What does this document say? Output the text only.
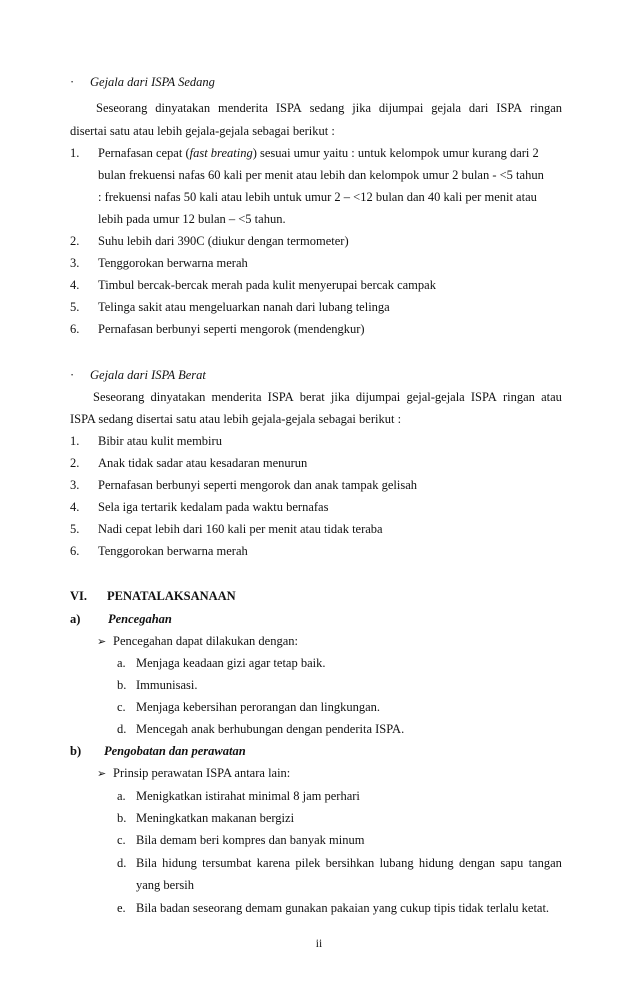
· Gejala dari ISPA Sedang
Seseorang dinyatakan menderita ISPA sedang jika dijumpai gejala dari ISPA ringan
disertai satu atau lebih gejala-gejala sebagai berikut :
1. Pernafasan cepat (fast breating) sesuai umur yaitu : untuk kelompok umur kurang dari 2
bulan frekuensi nafas 60 kali per menit atau lebih dan kelompok umur 2 bulan - <5 tahun
: frekuensi nafas 50 kali atau lebih untuk umur 2 – <12 bulan dan 40 kali per menit atau
lebih pada umur 12 bulan – <5 tahun.
2. Suhu lebih dari 390C (diukur dengan termometer)
3. Tenggorokan berwarna merah
4. Timbul bercak-bercak merah pada kulit menyerupai bercak campak
5. Telinga sakit atau mengeluarkan nanah dari lubang telinga
6. Pernafasan berbunyi seperti mengorok (mendengkur)
· Gejala dari ISPA Berat
Seseorang dinyatakan menderita ISPA berat jika dijumpai gejal-gejala ISPA ringan atau
ISPA sedang disertai satu atau lebih gejala-gejala sebagai berikut :
1. Bibir atau kulit membiru
2. Anak tidak sadar atau kesadaran menurun
3. Pernafasan berbunyi seperti mengorok dan anak tampak gelisah
4. Sela iga tertarik kedalam pada waktu bernafas
5. Nadi cepat lebih dari 160 kali per menit atau tidak teraba
6. Tenggorokan berwarna merah
VI. PENATALAKSANAAN
a) Pencegahan
➢ Pencegahan dapat dilakukan dengan:
a. Menjaga keadaan gizi agar tetap baik.
b. Immunisasi.
c. Menjaga kebersihan perorangan dan lingkungan.
d. Mencegah anak berhubungan dengan penderita ISPA.
b) Pengobatan dan perawatan
➢ Prinsip perawatan ISPA antara lain:
a. Menigkatkan istirahat minimal 8 jam perhari
b. Meningkatkan makanan bergizi
c. Bila demam beri kompres dan banyak minum
d. Bila hidung tersumbat karena pilek bersihkan lubang hidung dengan sapu tangan
yang bersih
e. Bila badan seseorang demam gunakan pakaian yang cukup tipis tidak terlalu ketat.
ii
